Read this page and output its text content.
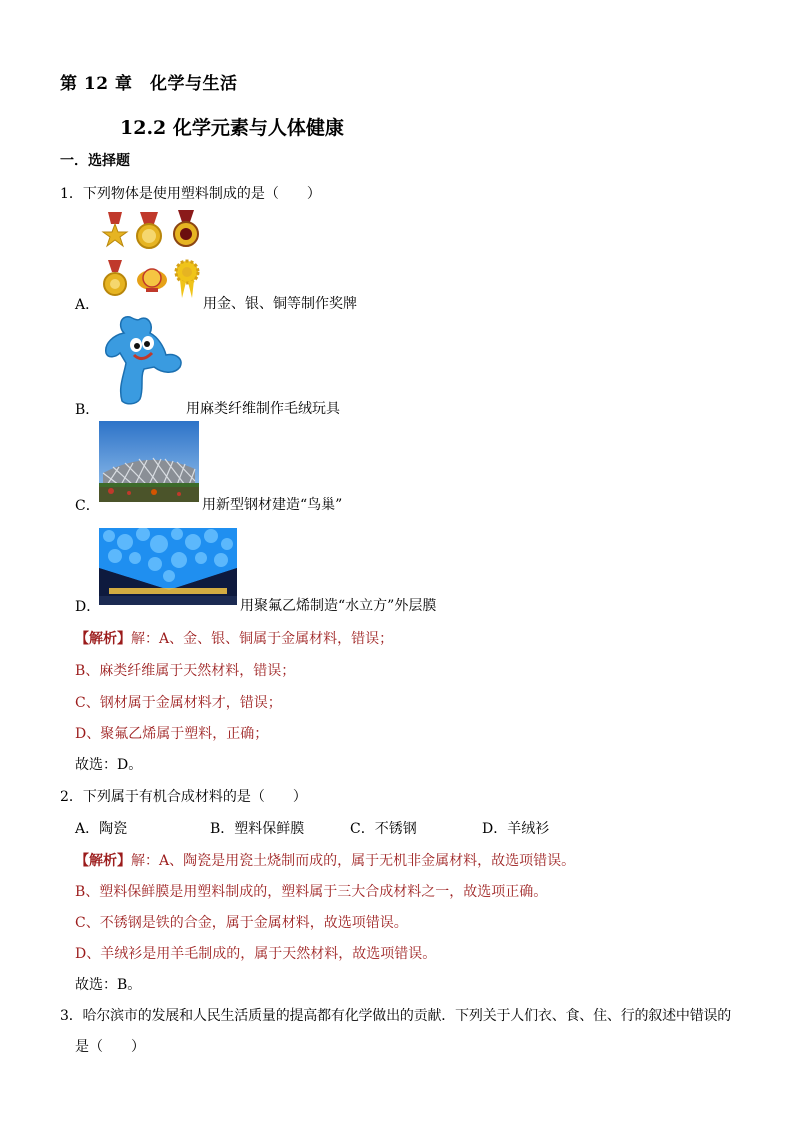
第 12 章　化学与生活
12.2 化学元素与人体健康
一．选择题
1．下列物体是使用塑料制成的是（　　）
A．	用金、银、铜等制作奖牌
B．	用麻类纤维制作毛绒玩具
C．	用新型钢材建造“鸟巢”
D．	用聚氟乙烯制造“水立方”外层膜
【解析】解：A、金、银、铜属于金属材料，错误；
B、麻类纤维属于天然材料，错误；
C、钢材属于金属材料才，错误；
D、聚氟乙烯属于塑料，正确；
故选：D。
2．下列属于有机合成材料的是（　　）
A．陶瓷	B．塑料保鲜膜	C．不锈钢	D．羊绒衫
【解析】解：A、陶瓷是用瓷土烧制而成的，属于无机非金属材料，故选项错误。
B、塑料保鲜膜是用塑料制成的，塑料属于三大合成材料之一，故选项正确。
C、不锈钢是铁的合金，属于金属材料，故选项错误。
D、羊绒衫是用羊毛制成的，属于天然材料，故选项错误。
故选：B。
3．哈尔滨市的发展和人民生活质量的提高都有化学做出的贡献．下列关于人们衣、食、住、行的叙述中错误的
是（　　）
